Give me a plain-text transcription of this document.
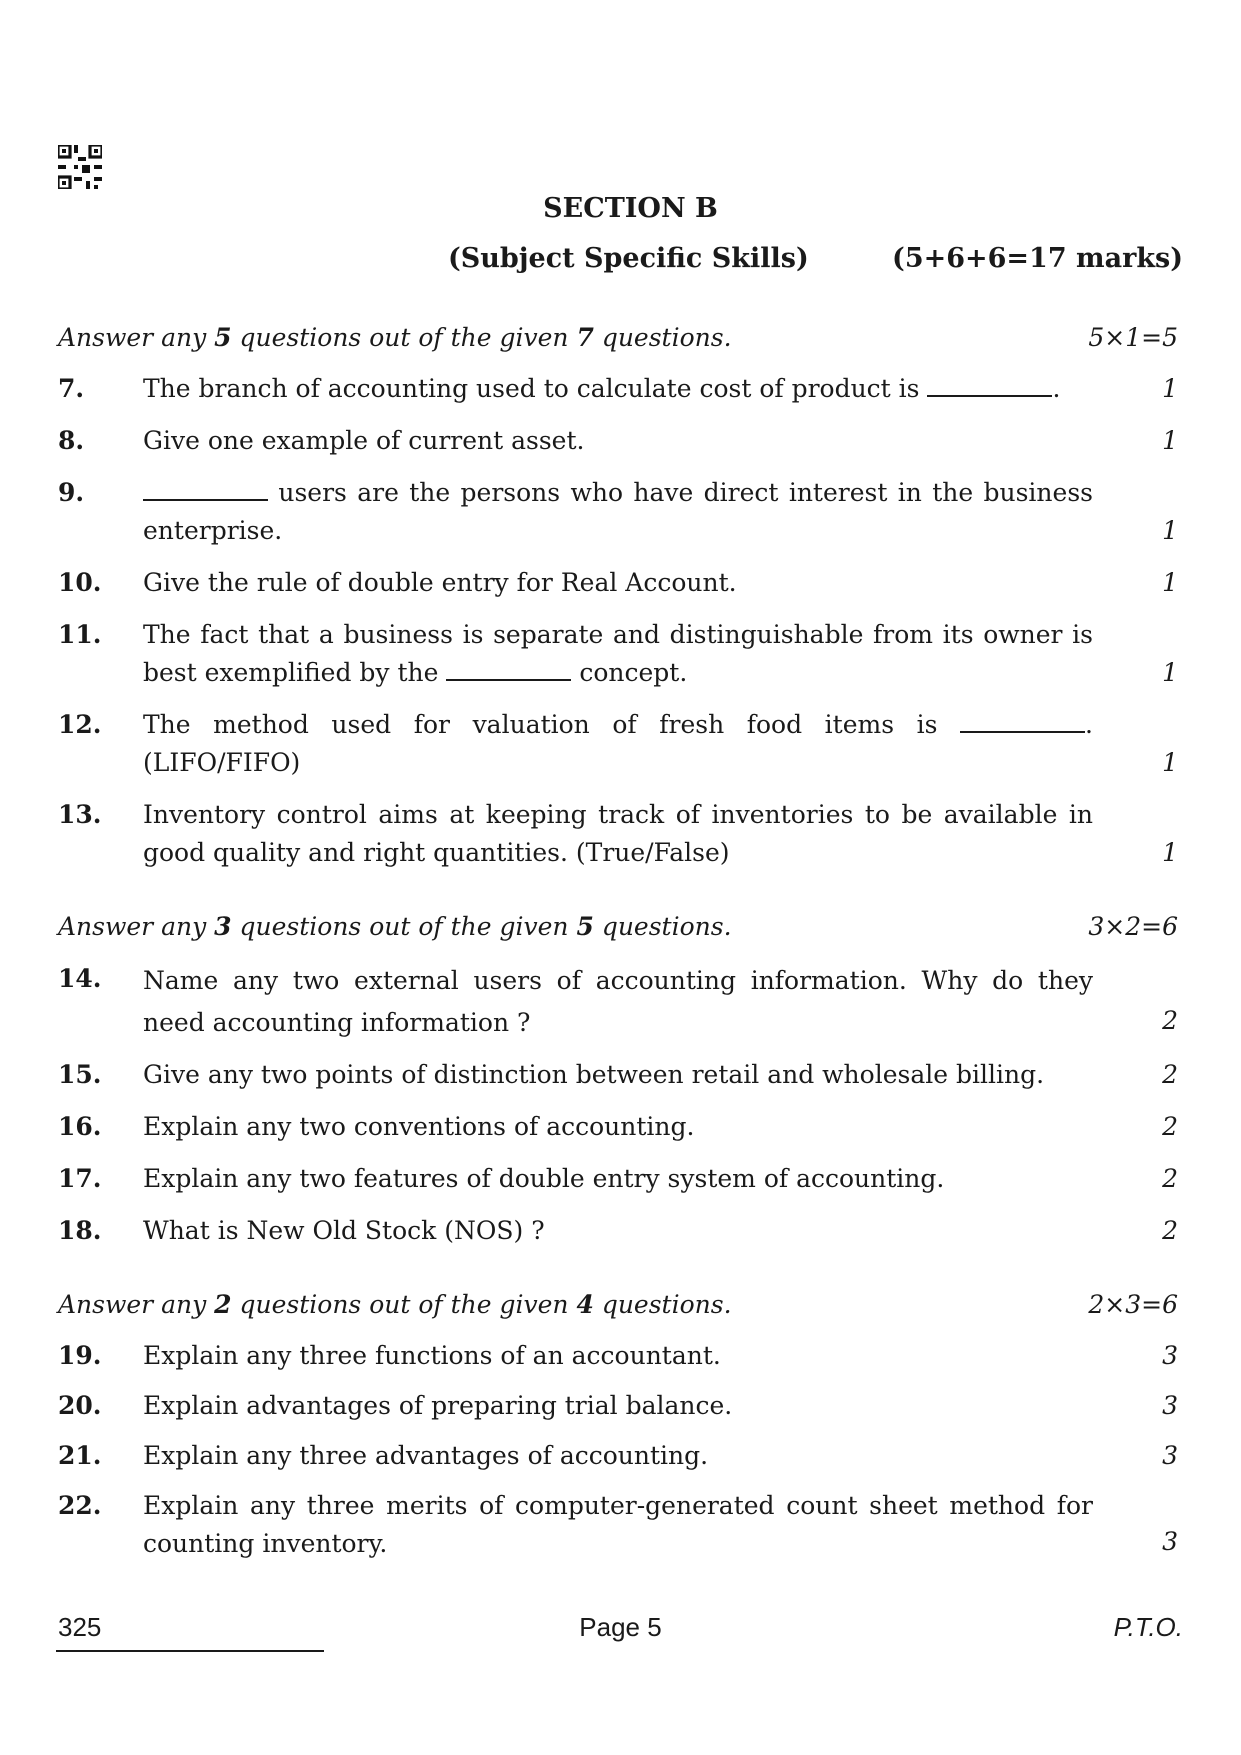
SECTION B
(Subject Specific Skills)	(5+6+6=17 marks)
Answer any 5 questions out of the given 7 questions.	5×1=5
7. The branch of accounting used to calculate cost of product is	.	1
8. Give one example of current asset.	1
9.	users are the persons who have direct interest in the business enterprise.	1
10. Give the rule of double entry for Real Account.	1
11. The fact that a business is separate and distinguishable from its owner is best exemplified by the	concept.	1
12. The method used for valuation of fresh food items is	. (LIFO/FIFO)	1
13. Inventory control aims at keeping track of inventories to be available in good quality and right quantities. (True/False)	1
Answer any 3 questions out of the given 5 questions.	3×2=6
14. Name any two external users of accounting information. Why do they need accounting information ?	2
15. Give any two points of distinction between retail and wholesale billing.	2
16. Explain any two conventions of accounting.	2
17. Explain any two features of double entry system of accounting.	2
18. What is New Old Stock (NOS) ?	2
Answer any 2 questions out of the given 4 questions.	2×3=6
19. Explain any three functions of an accountant.	3
20. Explain advantages of preparing trial balance.	3
21. Explain any three advantages of accounting.	3
22. Explain any three merits of computer-generated count sheet method for counting inventory.	3
325	Page 5	P.T.O.
